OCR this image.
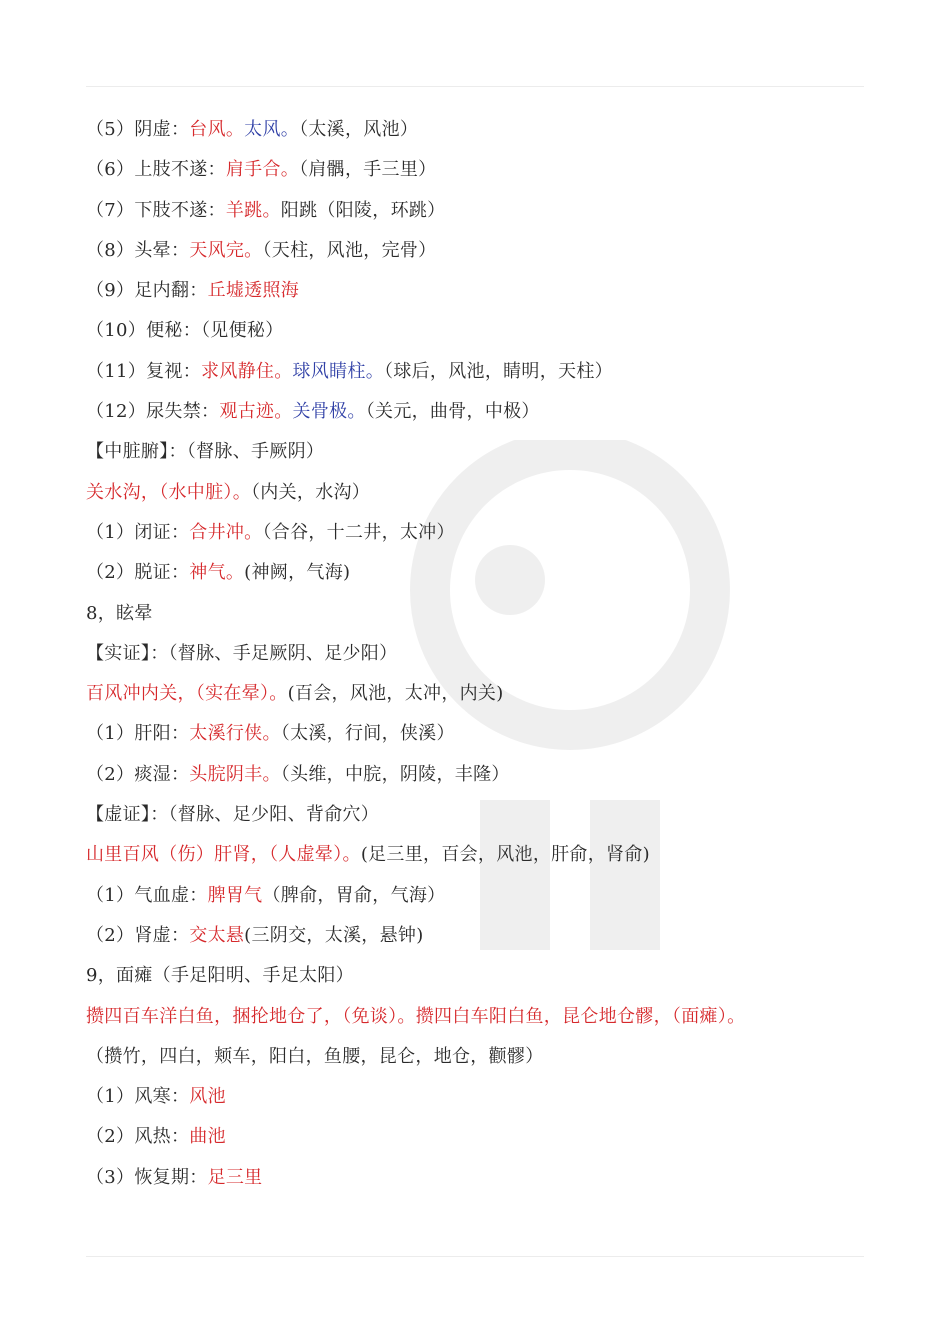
（5）阴虚：台风。太风。（太溪，风池）
（6）上肢不遂：肩手合。（肩髃，手三里）
（7）下肢不遂：羊跳。阳跳（阳陵，环跳）
（8）头晕：天风完。（天柱，风池，完骨）
（9）足内翻：丘墟透照海
（10）便秘：（见便秘）
（11）复视：求风静住。球风睛柱。（球后，风池，睛明，天柱）
（12）尿失禁：观古迹。关骨极。（关元，曲骨，中极）
【中脏腑】：（督脉、手厥阴）
关水沟，（水中脏）。（内关，水沟）
（1）闭证：合井冲。（合谷，十二井，太冲）
（2）脱证：神气。(神阙，气海)
8，眩晕
【实证】：（督脉、手足厥阴、足少阳）
百风冲内关，（实在晕）。(百会，风池，太冲，内关)
（1）肝阳：太溪行侠。（太溪，行间，侠溪）
（2）痰湿：头脘阴丰。（头维，中脘，阴陵，丰隆）
【虚证】：（督脉、足少阳、背俞穴）
山里百风（伤）肝肾，（人虚晕）。(足三里，百会，风池，肝俞，肾俞)
（1）气血虚：脾胃气（脾俞，胃俞，气海）
（2）肾虚：交太悬(三阴交，太溪，悬钟)
9，面瘫（手足阳明、手足太阳）
攒四百车洋白鱼，捆抡地仓了，（免谈）。攒四白车阳白鱼，昆仑地仓髎，（面瘫）。
（攒竹，四白，颊车，阳白，鱼腰，昆仑，地仓，颧髎）
（1）风寒：风池
（2）风热：曲池
（3）恢复期：足三里
